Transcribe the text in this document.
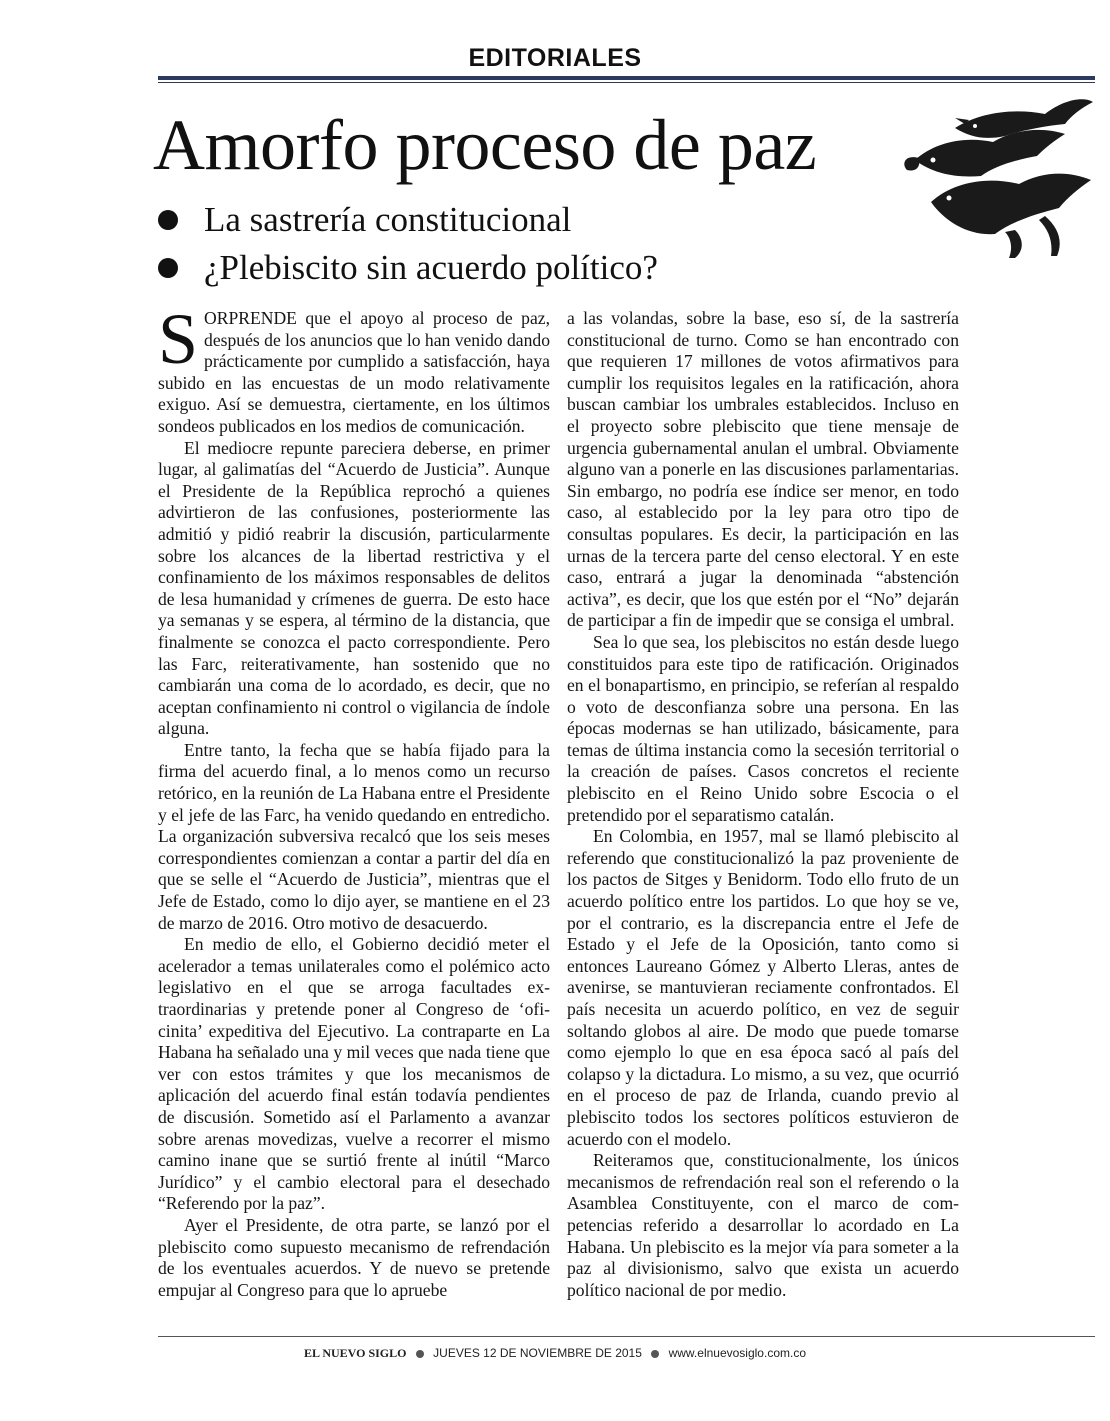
EDITORIALES
Amorfo proceso de paz
La sastrería constitucional
¿Plebiscito sin acuerdo político?

SORPRENDE que el apoyo al proceso de paz, después de los anuncios que lo han venido dando prácticamente por cumplido a satisfacción, haya subido en las encuestas de un modo relativamente exiguo. Así se demuestra, ciertamente, en los últimos sondeos publicados en los medios de comunicación.

El mediocre repunte pareciera deberse, en primer lugar, al galimatías del “Acuerdo de Justicia”. Aunque el Presidente de la República reprochó a quienes advirtieron de las confusiones, posteriormente las admitió y pidió reabrir la discusión, particularmente sobre los alcances de la libertad restrictiva y el confinamiento de los máximos responsables de delitos de lesa humanidad y crímenes de guerra. De esto hace ya semanas y se espera, al término de la distancia, que finalmente se conozca el pacto correspondiente. Pero las Farc, reiterativamente, han sostenido que no cambiarán una coma de lo acordado, es decir, que no aceptan confinamiento ni control o vigilancia de índole alguna.

Entre tanto, la fecha que se había fijado para la firma del acuerdo final, a lo menos como un recurso retórico, en la reunión de La Habana entre el Presidente y el jefe de las Farc, ha venido quedando en entredicho. La organización subversiva recalcó que los seis meses correspondientes comienzan a contar a partir del día en que se selle el “Acuerdo de Justicia”, mientras que el Jefe de Estado, como lo dijo ayer, se mantiene en el 23 de marzo de 2016. Otro motivo de desacuerdo.

En medio de ello, el Gobierno decidió meter el acelerador a temas unilaterales como el polémico acto legislativo en el que se arroga facultades extraordinarias y pretende poner al Congreso de ‘oficinita’ expeditiva del Ejecutivo. La contraparte en La Habana ha señalado una y mil veces que nada tiene que ver con estos trámites y que los mecanismos de aplicación del acuerdo final están todavía pendientes de discusión. Sometido así el Parlamento a avanzar sobre arenas movedizas, vuelve a recorrer el mismo camino inane que se surtió frente al inútil “Marco Jurídico” y el cambio electoral para el desechado “Referendo por la paz”.

Ayer el Presidente, de otra parte, se lanzó por el plebiscito como supuesto mecanismo de refrendación de los eventuales acuerdos. Y de nuevo se pretende empujar al Congreso para que lo apruebe

a las volandas, sobre la base, eso sí, de la sastrería constitucional de turno. Como se han encontrado con que requieren 17 millones de votos afirmativos para cumplir los requisitos legales en la ratificación, ahora buscan cambiar los umbrales establecidos. Incluso en el proyecto sobre plebiscito que tiene mensaje de urgencia gubernamental anulan el umbral. Obviamente alguno van a ponerle en las discusiones parlamentarias. Sin embargo, no podría ese índice ser menor, en todo caso, al establecido por la ley para otro tipo de consultas populares. Es decir, la participación en las urnas de la tercera parte del censo electoral. Y en este caso, entrará a jugar la denominada “abstención activa”, es decir, que los que estén por el “No” dejarán de participar a fin de impedir que se consiga el umbral.

Sea lo que sea, los plebiscitos no están desde luego constituidos para este tipo de ratificación. Originados en el bonapartismo, en principio, se referían al respaldo o voto de desconfianza sobre una persona. En las épocas modernas se han utilizado, básicamente, para temas de última instancia como la secesión territorial o la creación de países. Casos concretos el reciente plebiscito en el Reino Unido sobre Escocia o el pretendido por el separatismo catalán.

En Colombia, en 1957, mal se llamó plebiscito al referendo que constitucionalizó la paz proveniente de los pactos de Sitges y Benidorm. Todo ello fruto de un acuerdo político entre los partidos. Lo que hoy se ve, por el contrario, es la discrepancia entre el Jefe de Estado y el Jefe de la Oposición, tanto como si entonces Laureano Gómez y Alberto Lleras, antes de avenirse, se mantuvieran reciamente confrontados. El país necesita un acuerdo político, en vez de seguir soltando globos al aire. De modo que puede tomarse como ejemplo lo que en esa época sacó al país del colapso y la dictadura. Lo mismo, a su vez, que ocurrió en el proceso de paz de Irlanda, cuando previo al plebiscito todos los sectores políticos estuvieron de acuerdo con el modelo.

Reiteramos que, constitucionalmente, los únicos mecanismos de refrendación real son el referendo o la Asamblea Constituyente, con el marco de competencias referido a desarrollar lo acordado en La Habana. Un plebiscito es la mejor vía para someter a la paz al divisionismo, salvo que exista un acuerdo político nacional de por medio.

EL NUEVO SIGLO JUEVES 12 DE NOVIEMBRE DE 2015 www.elnuevosiglo.com.co
